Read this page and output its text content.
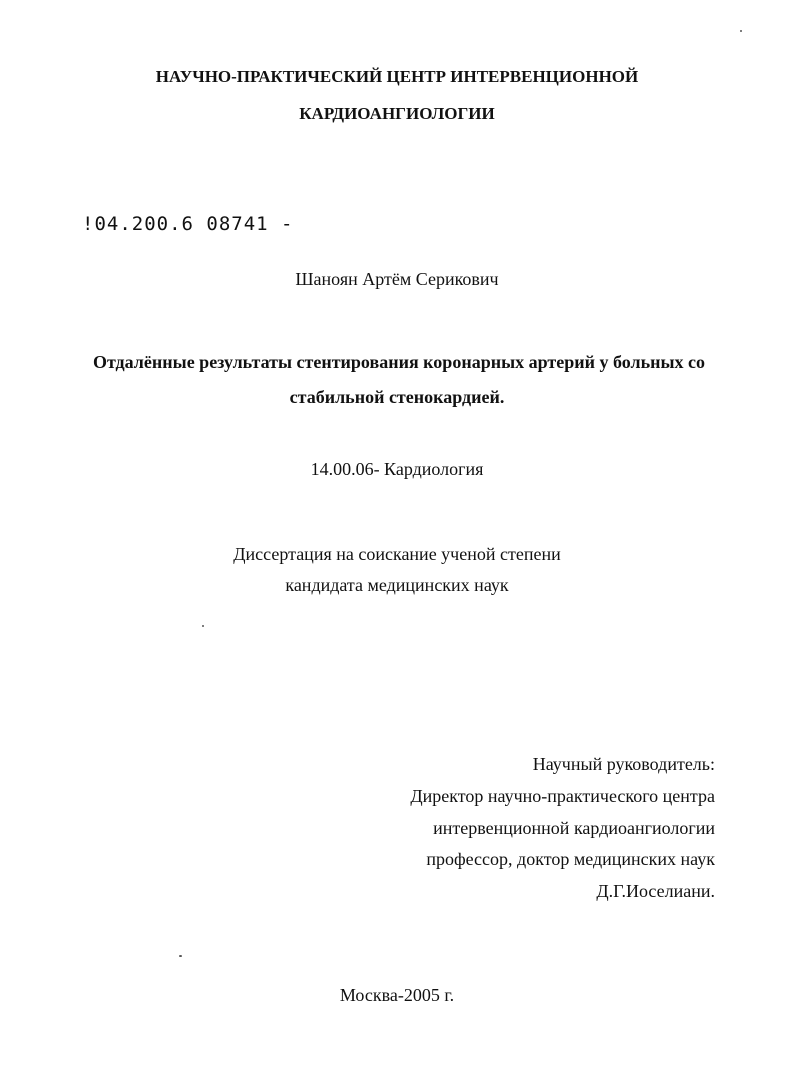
НАУЧНО-ПРАКТИЧЕСКИЙ ЦЕНТР ИНТЕРВЕНЦИОННОЙ
КАРДИОАНГИОЛОГИИ
!04.200.6 08741 -
Шаноян Артём Серикович
Отдалённые результаты стентирования коронарных артерий у больных со
стабильной стенокардией.
14.00.06- Кардиология
Диссертация на соискание ученой степени
кандидата медицинских наук
Научный руководитель:
Директор научно-практического центра
интервенционной кардиоангиологии
профессор, доктор медицинских наук
Д.Г.Иоселиани.
Москва-2005 г.
